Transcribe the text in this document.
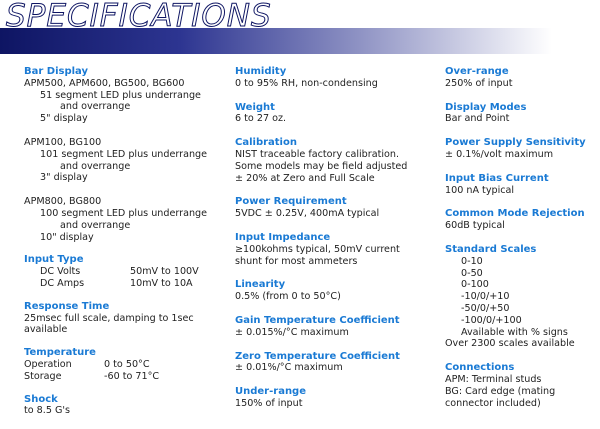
SPECIFICATIONS
Bar Display
APM500, APM600, BG500, BG600
51 segment LED plus underrange
and overrange
5" display
APM100, BG100
101 segment LED plus underrange
and overrange
3" display
APM800, BG800
100 segment LED plus underrange
and overrange
10" display
Input Type
DC Volts	50mV to 100V
DC Amps	10mV to 10A
Response Time
25msec full scale, damping to 1sec
available
Temperature
Operation	0 to 50°C
Storage	-60 to 71°C
Shock
to 8.5 G's
Humidity
0 to 95% RH, non-condensing
Weight
6 to 27 oz.
Calibration
NIST traceable factory calibration.
Some models may be field adjusted
± 20% at Zero and Full Scale
Power Requirement
5VDC ± 0.25V, 400mA typical
Input Impedance
≥100kohms typical, 50mV current
shunt for most ammeters
Linearity
0.5% (from 0 to 50°C)
Gain Temperature Coefficient
± 0.015%/°C maximum
Zero Temperature Coefficient
± 0.01%/°C maximum
Under-range
150% of input
Over-range
250% of input
Display Modes
Bar and Point
Power Supply Sensitivity
± 0.1%/volt maximum
Input Bias Current
100 nA typical
Common Mode Rejection
60dB typical
Standard Scales
0-10
0-50
0-100
-10/0/+10
-50/0/+50
-100/0/+100
Available with % signs
Over 2300 scales available
Connections
APM: Terminal studs
BG: Card edge (mating
connector included)
